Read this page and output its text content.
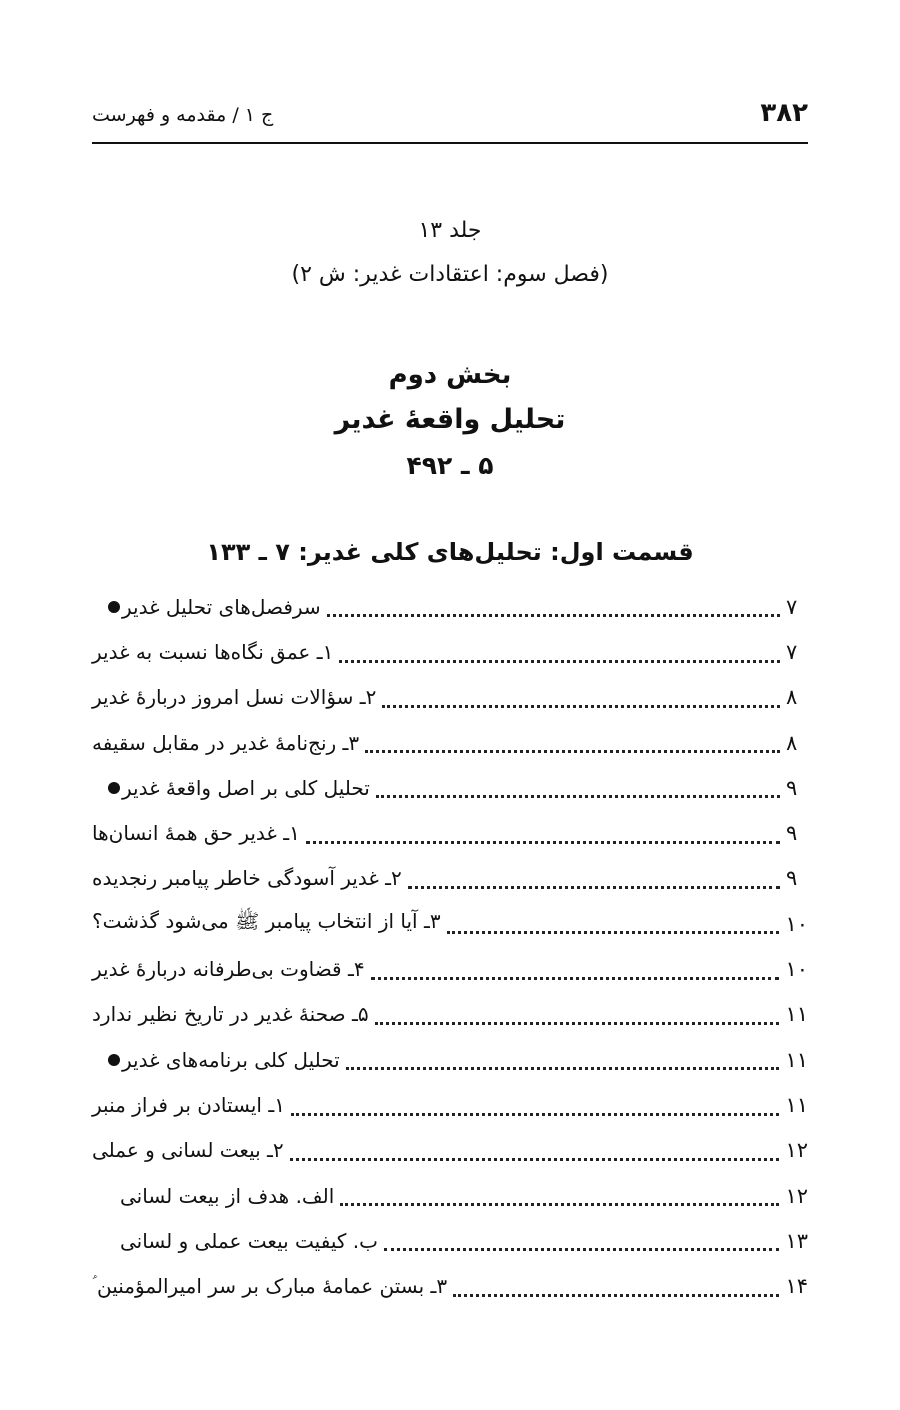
۳۸۲
ج ۱ / مقدمه و فهرست
جلد ۱۳
(فصل سوم: اعتقادات غدیر: ش ۲)
بخش دوم
تحلیل واقعۀ غدیر
۵ ـ ۴۹۲
قسمت اول: تحلیل‌های کلی غدیر: ۷ ـ ۱۳۳
سرفصل‌های تحلیل غدیر	۷
۱ـ عمق نگاه‌ها نسبت به غدیر	۷
۲ـ سؤالات نسل امروز دربارۀ غدیر	۸
۳ـ رنج‌نامۀ غدیر در مقابل سقیفه	۸
تحلیل کلی بر اصل واقعۀ غدیر	۹
۱ـ غدیر حق همۀ انسان‌ها	۹
۲ـ غدیر آسودگی خاطر پیامبر رنجدیده	۹
۳ـ آیا از انتخاب پیامبر ﷺ می‌شود گذشت؟	۱۰
۴ـ قضاوت بی‌طرفانه دربارۀ غدیر	۱۰
۵ـ صحنۀ غدیر در تاریخ نظیر ندارد	۱۱
تحلیل کلی برنامه‌های غدیر	۱۱
۱ـ ایستادن بر فراز منبر	۱۱
۲ـ بیعت لسانی و عملی	۱۲
الف. هدف از بیعت لسانی	۱۲
ب. کیفیت بیعت عملی و لسانی	۱۳
۳ـ بستن عمامۀ مبارک بر سر امیرالمؤمنین ؑ	۱۴
